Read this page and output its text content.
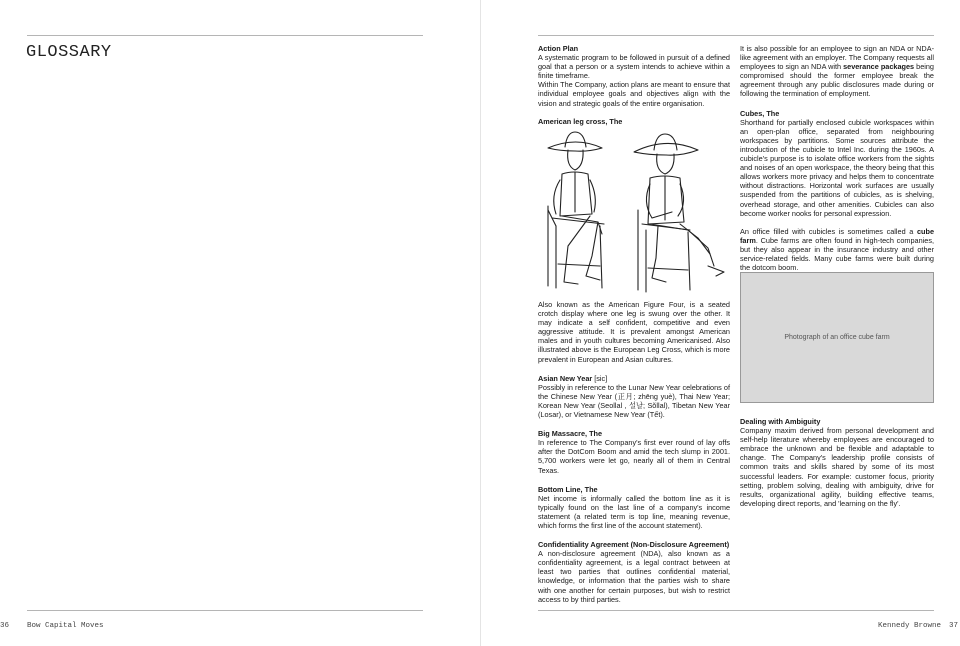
GLOSSARY	Action Plan

A systematic program to be followed in pursuit of a defined goal that a person or a system intends to achieve within a finite timeframe.

Within The Company, action plans are meant to ensure that individual employee goals and objectives align with the vision and strategic goals of the entire organisation.

American leg cross, The

Also known as the American Figure Four, is a seated crotch display where one leg is swung over the other. It may indicate a self confident, competitive and even aggressive attitude. It is prevalent amongst American males and in youth cultures becoming Americanised. Also illustrated above is the European Leg Cross, which is more prevalent in European and Asian cultures.

Asian New Year [sic]

Possibly in reference to the Lunar New Year celebrations of the Chinese New Year (正月; zhēng yuè), Thai New Year; Korean New Year (Seollal , 설날; Sŏllal), Tibetan New Year (Losar), or Vietnamese New Year (Tết).

Big Massacre, The

In reference to The Company's first ever round of lay offs after the DotCom Boom and amid the tech slump in 2001. 5,700 workers were let go, nearly all of them in Central Texas.

Bottom Line, The

Net income is informally called the bottom line as it is typically found on the last line of a company's income statement (a related term is top line, meaning revenue, which forms the first line of the account statement).

Confidentiality Agreement (Non-Disclosure Agreement)

A non-disclosure agreement (NDA), also known as a confidentiality agreement, is a legal contract between at least two parties that outlines confidential material, knowledge, or information that the parties wish to share with one another for certain purposes, but wish to restrict access to by third parties.

It is also possible for an employee to sign an NDA or NDA-like agreement with an employer. The Company requests all employees to sign an NDA with severance packages being compromised should the former employee break the agreement through any public disclosures made during or following the termination of employment.

Cubes, The

Shorthand for partially enclosed cubicle workspaces within an open-plan office, separated from neighbouring workspaces by partitions. Some sources attribute the introduction of the cubicle to Intel Inc. during the 1960s. A cubicle's purpose is to isolate office workers from the sights and noises of an open workspace, the theory being that this allows workers more privacy and helps them to concentrate without distractions. Horizontal work surfaces are usually suspended from the partitions of cubicles, as is shelving, overhead storage, and other amenities. Cubicles can also become worker nooks for personal expression.

An office filled with cubicles is sometimes called a cube farm. Cube farms are often found in high-tech companies, but they also appear in the insurance industry and other service-related fields. Many cube farms were built during the dotcom boom.

Photograph of an office cube farm

Dealing with Ambiguity

Company maxim derived from personal development and self-help literature whereby employees are encouraged to embrace the unknown and be flexible and adaptable to change. The Company's leadership profile consists of common traits and skills shared by some of its most successful leaders. For example: customer focus, priority setting, problem solving, dealing with ambiguity, drive for results, organizational agility, building effective teams, developing direct reports, and 'learning on the fly'.

36 Bow Capital Moves	Kennedy Browne 37
